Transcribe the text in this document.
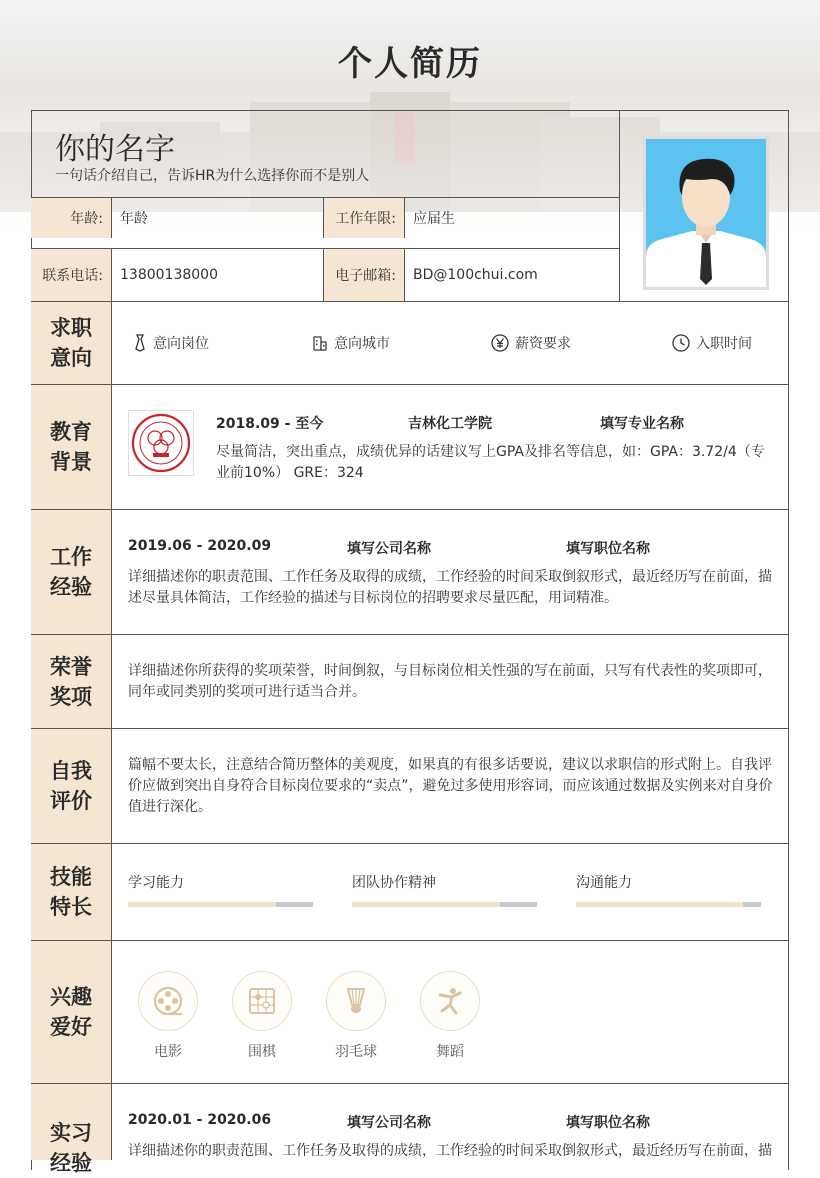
个人简历
你的名字
一句话介绍自己，告诉HR为什么选择你而不是别人
年龄:	年龄	工作年限:	应届生
联系电话:	13800138000	电子邮箱:	BD@100chui.com
求职意向
意向岗位	意向城市	薪资要求	入职时间
教育背景
2018.09 - 至今	吉林化工学院	填写专业名称
尽量简洁，突出重点，成绩优异的话建议写上GPA及排名等信息，如：GPA：3.72/4（专业前10%） GRE：324
工作经验
2019.06 - 2020.09	填写公司名称	填写职位名称
详细描述你的职责范围、工作任务及取得的成绩，工作经验的时间采取倒叙形式，最近经历写在前面，描述尽量具体简洁，工作经验的描述与目标岗位的招聘要求尽量匹配，用词精准。
荣誉奖项
详细描述你所获得的奖项荣誉，时间倒叙，与目标岗位相关性强的写在前面，只写有代表性的奖项即可，同年或同类别的奖项可进行适当合并。
自我评价
篇幅不要太长，注意结合简历整体的美观度，如果真的有很多话要说，建议以求职信的形式附上。自我评价应做到突出自身符合目标岗位要求的“卖点”，避免过多使用形容词，而应该通过数据及实例来对自身价值进行深化。
技能特长
学习能力	团队协作精神	沟通能力
兴趣爱好
电影	围棋	羽毛球	舞蹈
实习经验
2020.01 - 2020.06	填写公司名称	填写职位名称
详细描述你的职责范围、工作任务及取得的成绩，工作经验的时间采取倒叙形式，最近经历写在前面，描
